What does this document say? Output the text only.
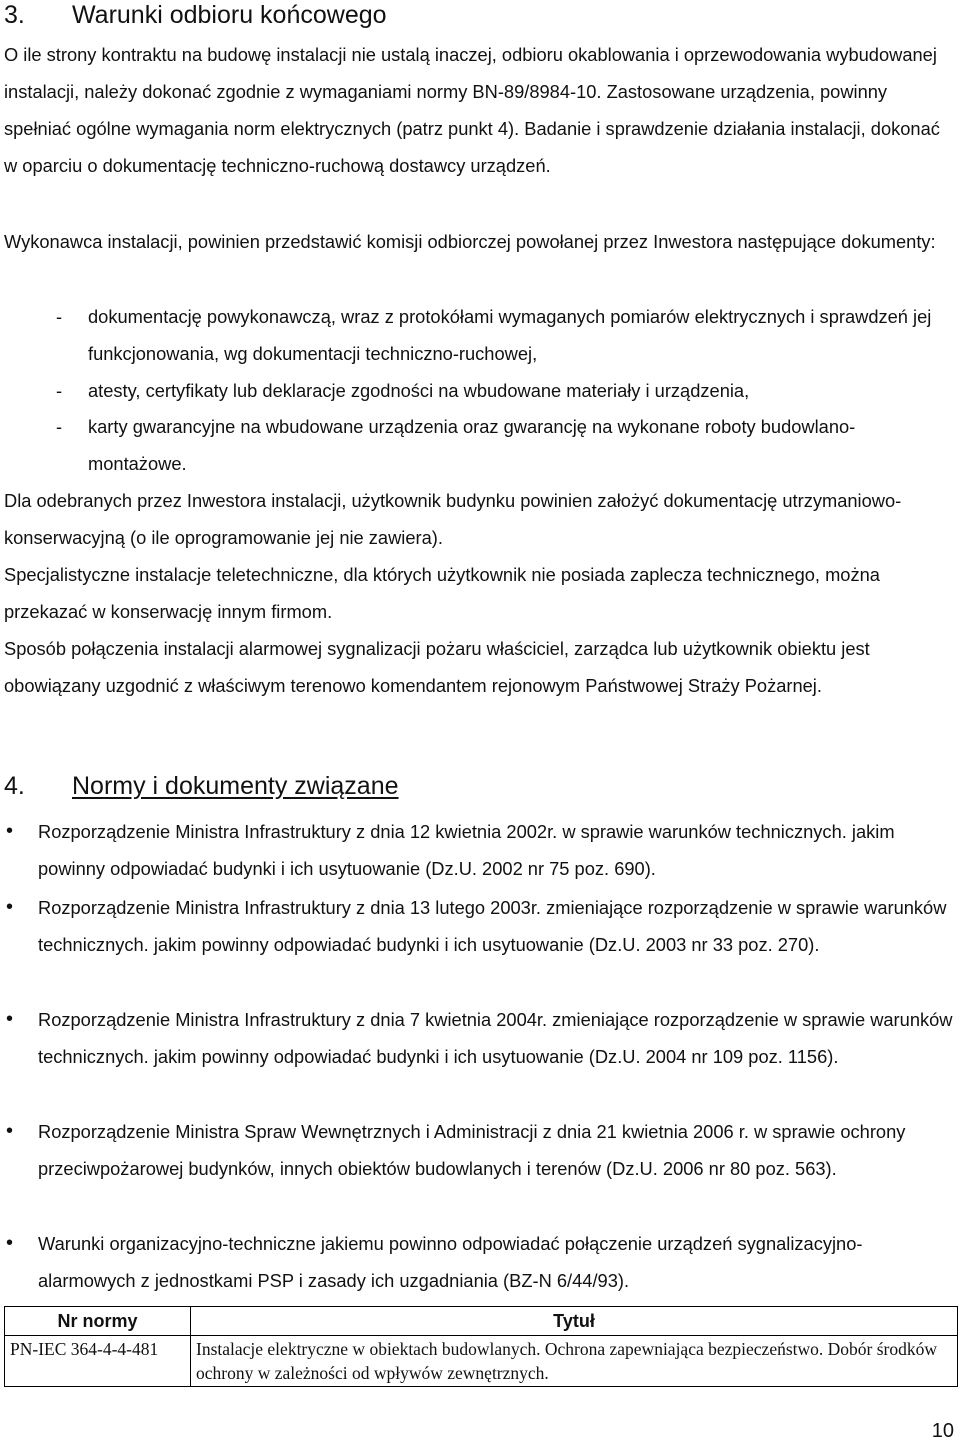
3. Warunki odbioru końcowego
O ile strony kontraktu na budowę instalacji nie ustalą inaczej, odbioru okablowania i oprzewodowania wybudowanej instalacji, należy dokonać zgodnie z wymaganiami normy BN-89/8984-10. Zastosowane urządzenia, powinny spełniać ogólne wymagania norm elektrycznych (patrz punkt 4). Badanie i sprawdzenie działania instalacji, dokonać w oparciu o dokumentację techniczno-ruchową dostawcy urządzeń.
Wykonawca instalacji, powinien przedstawić komisji odbiorczej powołanej przez Inwestora następujące dokumenty:
-	dokumentację powykonawczą, wraz z protokółami wymaganych pomiarów elektrycznych i sprawdzeń jej funkcjonowania, wg dokumentacji techniczno-ruchowej,
-	atesty, certyfikaty lub deklaracje zgodności na wbudowane materiały i urządzenia,
-	karty gwarancyjne na wbudowane urządzenia oraz gwarancję na wykonane roboty budowlano-montażowe.
Dla odebranych przez Inwestora instalacji, użytkownik budynku powinien założyć dokumentację utrzymaniowo-konserwacyjną (o ile oprogramowanie jej nie zawiera).
Specjalistyczne instalacje teletechniczne, dla których użytkownik nie posiada zaplecza technicznego, można przekazać w konserwację innym firmom.
Sposób połączenia instalacji alarmowej sygnalizacji pożaru właściciel, zarządca lub użytkownik obiektu jest obowiązany uzgodnić z właściwym terenowo komendantem rejonowym Państwowej Straży Pożarnej.
4. Normy i dokumenty związane
•	Rozporządzenie Ministra Infrastruktury z dnia 12 kwietnia 2002r. w sprawie warunków technicznych. jakim powinny odpowiadać budynki i ich usytuowanie (Dz.U. 2002 nr 75 poz. 690).
•	Rozporządzenie Ministra Infrastruktury z dnia 13 lutego 2003r. zmieniające rozporządzenie w sprawie warunków technicznych. jakim powinny odpowiadać budynki i ich usytuowanie (Dz.U. 2003 nr 33 poz. 270).
•	Rozporządzenie Ministra Infrastruktury z dnia 7 kwietnia 2004r. zmieniające rozporządzenie w sprawie warunków technicznych. jakim powinny odpowiadać budynki i ich usytuowanie (Dz.U. 2004 nr 109 poz. 1156).
•	Rozporządzenie Ministra Spraw Wewnętrznych i Administracji z dnia 21 kwietnia 2006 r. w sprawie ochrony przeciwpożarowej budynków, innych obiektów budowlanych i terenów (Dz.U. 2006 nr 80 poz. 563).
•	Warunki organizacyjno-techniczne jakiemu powinno odpowiadać połączenie urządzeń sygnalizacyjno-alarmowych z jednostkami PSP i zasady ich uzgadniania (BZ-N 6/44/93).
Nr normy	Tytuł
PN-IEC 364-4-4-481	Instalacje elektryczne w obiektach budowlanych. Ochrona zapewniająca bezpieczeństwo. Dobór środków ochrony w zależności od wpływów zewnętrznych.
10
